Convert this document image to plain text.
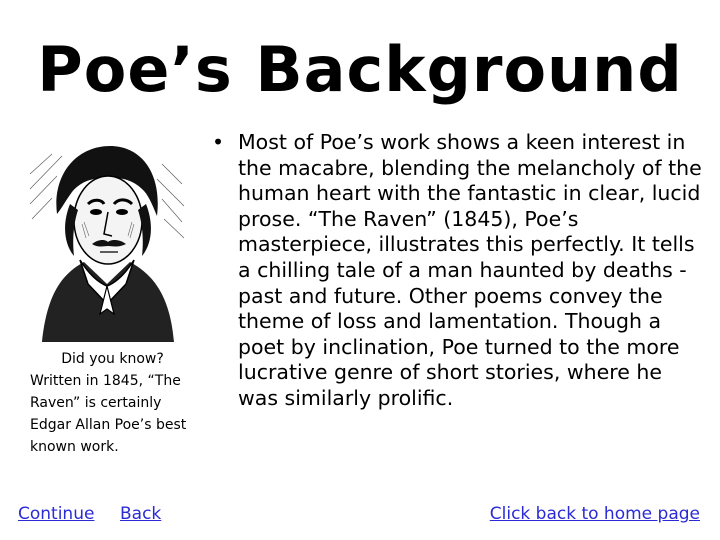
Poe’s Background
Did you know?
Written in 1845, “The Raven” is certainly Edgar Allan Poe’s best known work.
• Most of Poe’s work shows a keen interest in the macabre, blending the melancholy of the human heart with the fantastic in clear, lucid prose. “The Raven” (1845), Poe’s masterpiece, illustrates this perfectly. It tells a chilling tale of a man haunted by deaths - past and future. Other poems convey the theme of loss and lamentation. Though a poet by inclination, Poe turned to the more lucrative genre of short stories, where he was similarly prolific.
Continue Back	Click back to home page
